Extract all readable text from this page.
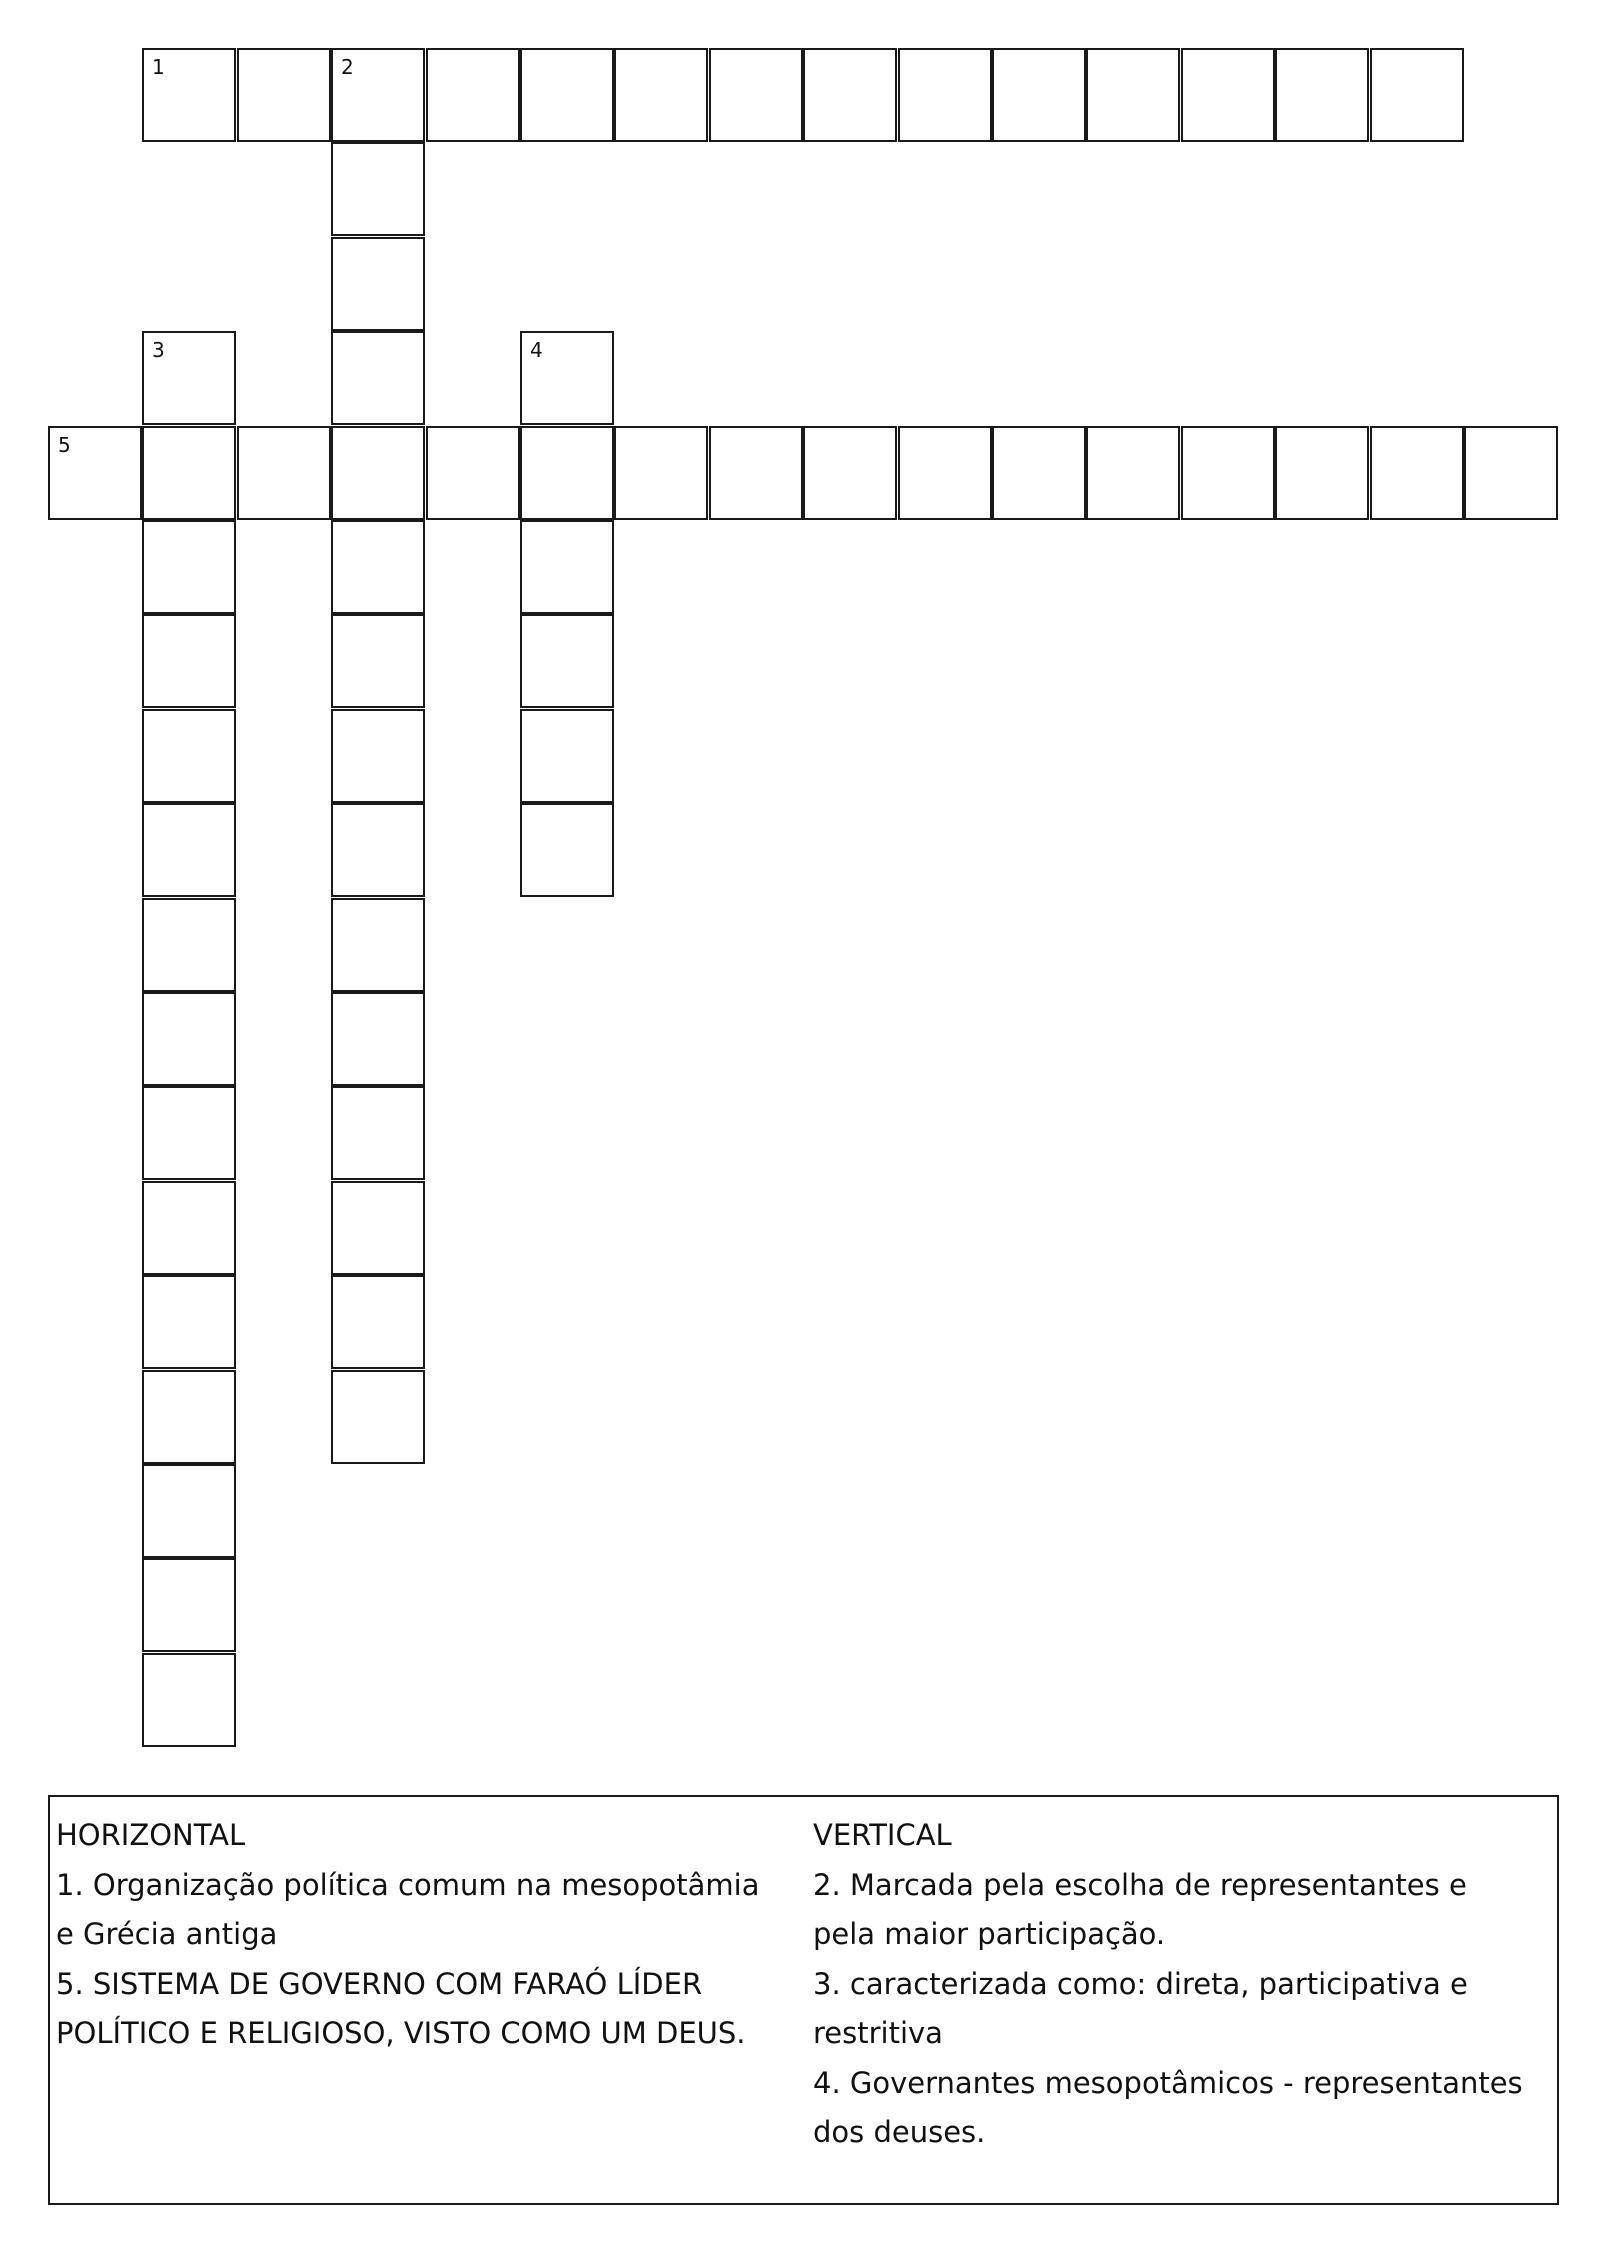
1	2
3	4
5
HORIZONTAL
1. Organização política comum na mesopotâmia e Grécia antiga
5. SISTEMA DE GOVERNO COM FARAÓ LÍDER POLÍTICO E RELIGIOSO, VISTO COMO UM DEUS.
VERTICAL
2. Marcada pela escolha de representantes e pela maior participação.
3. caracterizada como: direta, participativa e restritiva
4. Governantes mesopotâmicos - representantes dos deuses.
